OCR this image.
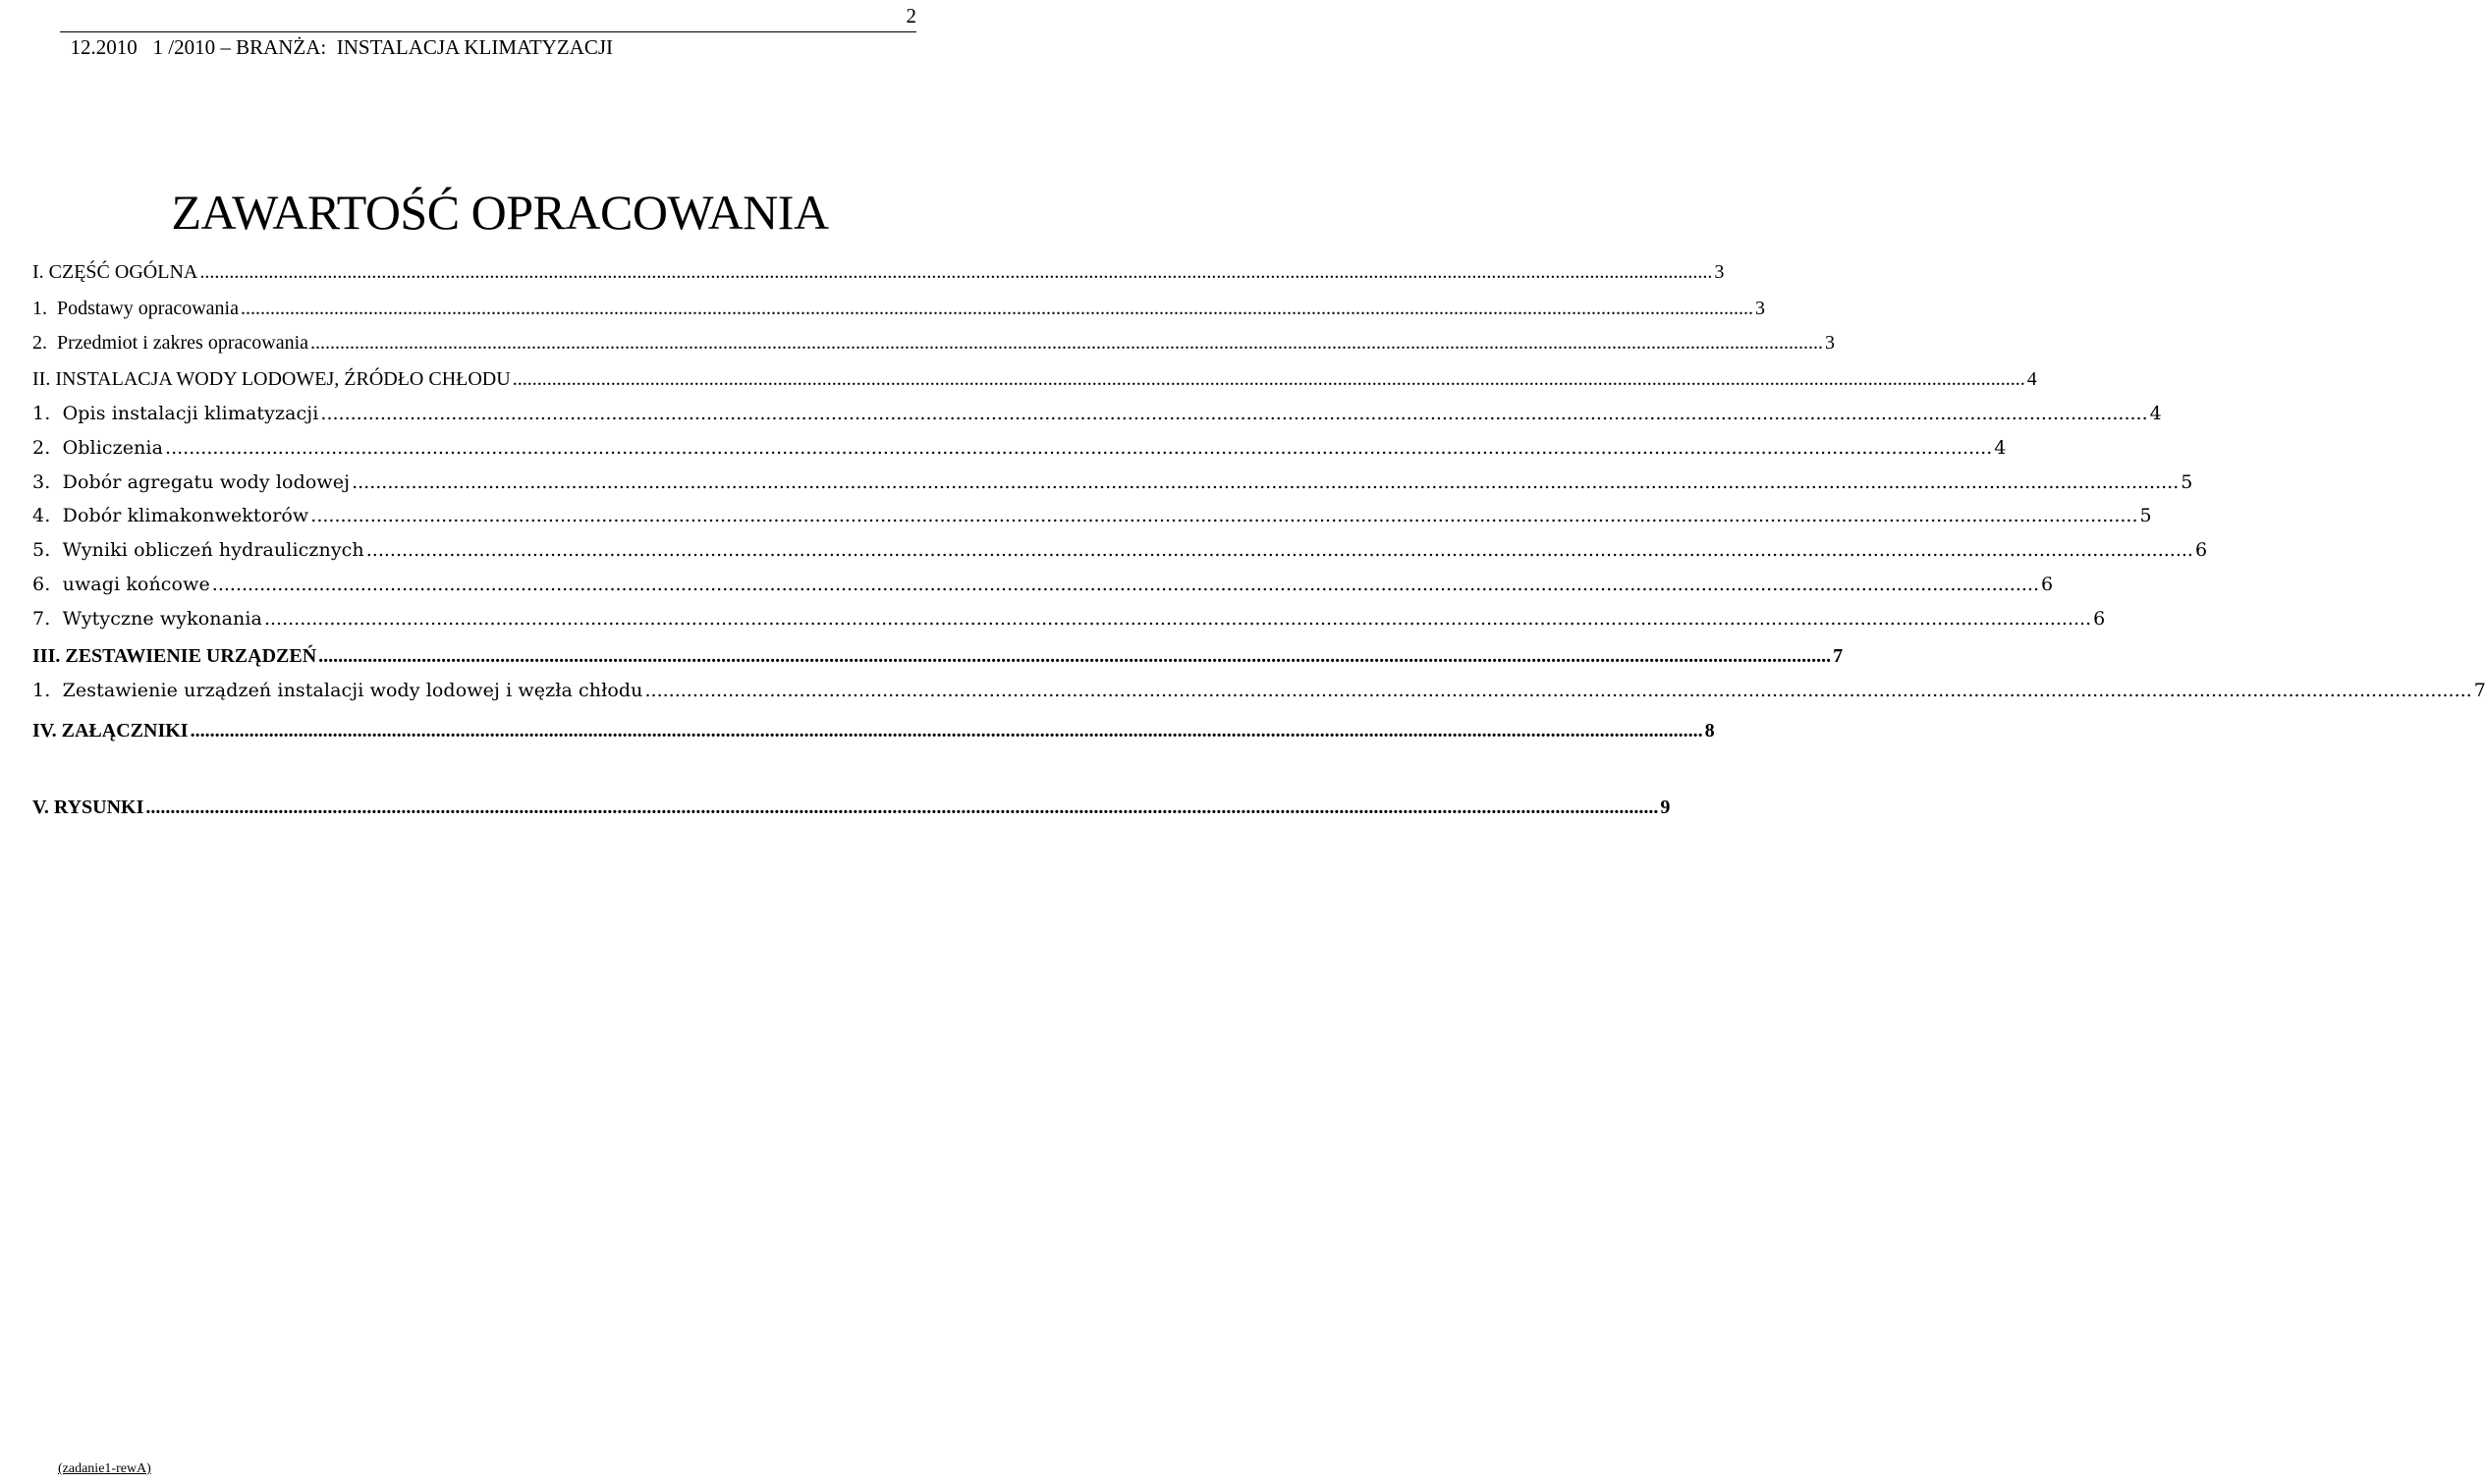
12.2010   1 /2010 – BRANŻA:  INSTALACJA KLIMATYZACJI

2

ZAWARTOŚĆ OPRACOWANIA
I. CZĘŚĆ OGÓLNA .....	3
1.  Podstawy opracowania .....	3
2.  Przedmiot i zakres opracowania .....	3
II. INSTALACJA WODY LODOWEJ, ŹRÓDŁO CHŁODU .....	4
1.  Opis instalacji klimatyzacji .....	4
2.  Obliczenia .....	4
3.  Dobór agregatu wody lodowej .....	5
4.  Dobór klimakonwektorów .....	5
5.  Wyniki obliczeń hydraulicznych .....	6
6.  uwagi końcowe .....	6
7.  Wytyczne wykonania .....	6
III. ZESTAWIENIE URZĄDZEŃ .....	7
1.  Zestawienie urządzeń instalacji wody lodowej i węzła chłodu .....	7
IV. ZAŁĄCZNIKI .....	8
V. RYSUNKI .....	9
(zadanie1-rewA)
